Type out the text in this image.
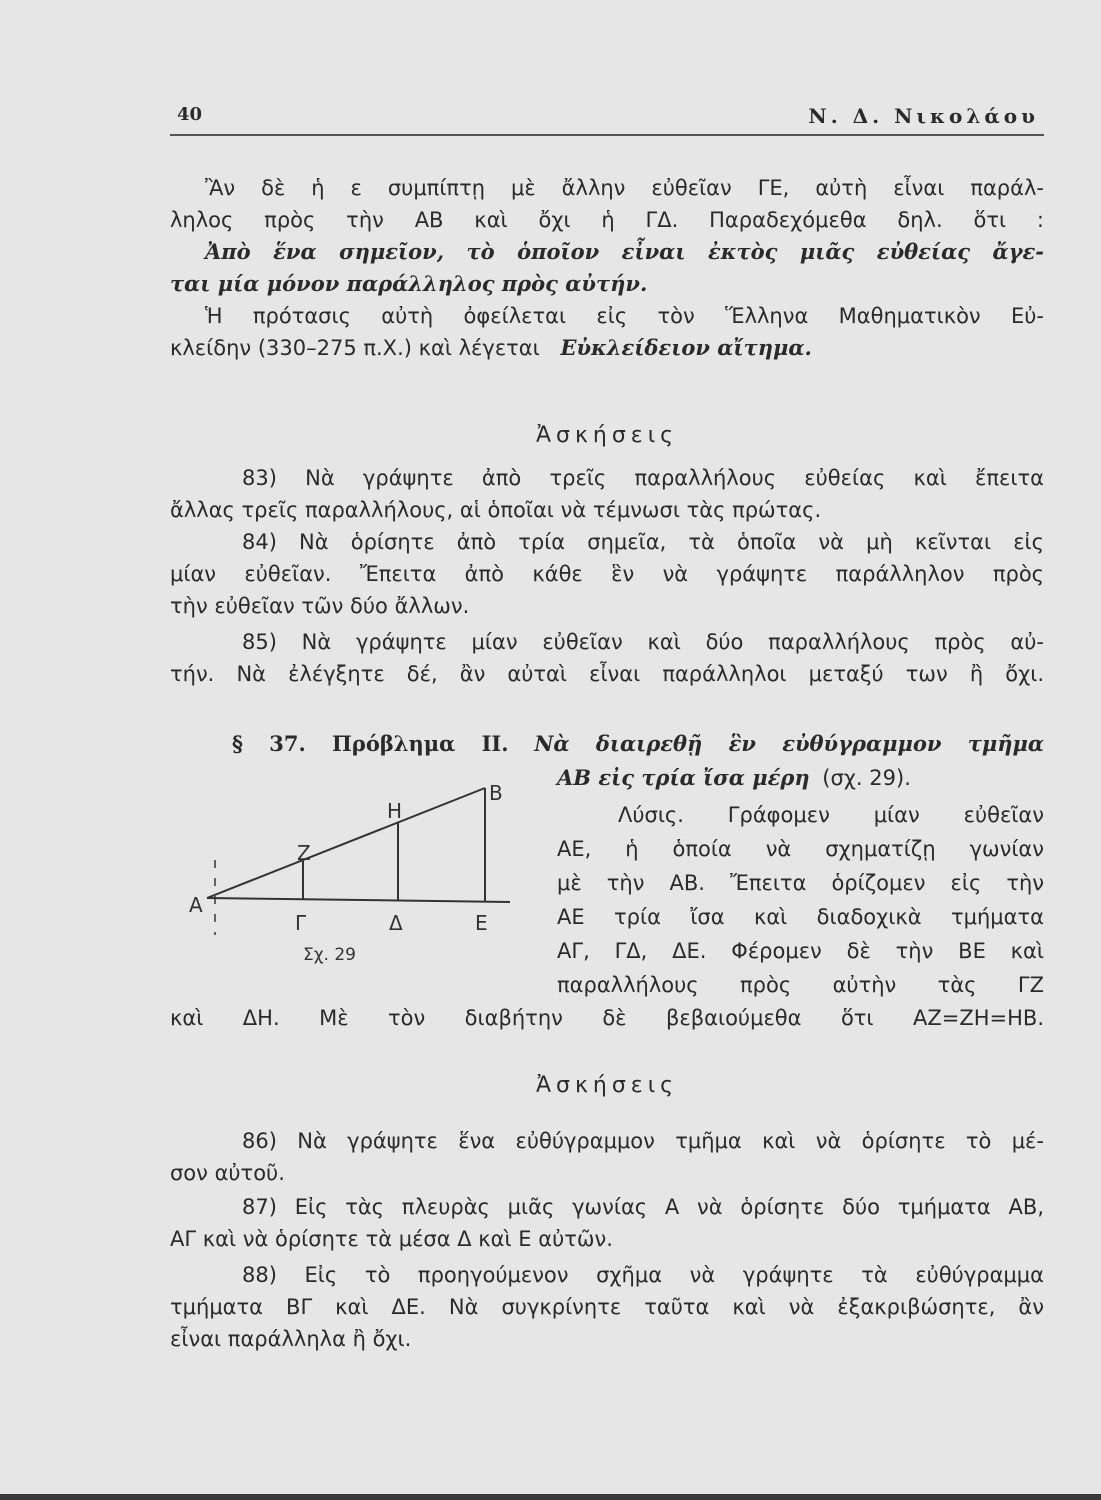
40	Ν. Δ. Νικολάου
Ἂν δὲ ἡ ε συμπίπτῃ μὲ ἄλλην εὐθεῖαν ΓΕ, αὐτὴ εἶναι παράλ-
ληλος πρὸς τὴν ΑΒ καὶ ὄχι ἡ ΓΔ. Παραδεχόμεθα δηλ. ὅτι :
Ἀπὸ ἕνα σημεῖον, τὸ ὁποῖον εἶναι ἐκτὸς μιᾶς εὐθείας ἄγε-
ται μία μόνον παράλληλος πρὸς αὐτήν.
Ἡ πρότασις αὐτὴ ὀφείλεται εἰς τὸν Ἕλληνα Μαθηματικὸν Εὐ-
κλείδην (330–275 π.Χ.) καὶ λέγεται Εὐκλείδειον αἴτημα.
Ἀσκήσεις
83) Νὰ γράψητε ἀπὸ τρεῖς παραλλήλους εὐθείας καὶ ἔπειτα
ἄλλας τρεῖς παραλλήλους, αἱ ὁποῖαι νὰ τέμνωσι τὰς πρώτας.
84) Νὰ ὁρίσητε ἀπὸ τρία σημεῖα, τὰ ὁποῖα νὰ μὴ κεῖνται εἰς
μίαν εὐθεῖαν. Ἔπειτα ἀπὸ κάθε ἓν νὰ γράψητε παράλληλον πρὸς
τὴν εὐθεῖαν τῶν δύο ἄλλων.
85) Νὰ γράψητε μίαν εὐθεῖαν καὶ δύο παραλλήλους πρὸς αὐ-
τήν. Νὰ ἐλέγξητε δέ, ἂν αὐταὶ εἶναι παράλληλοι μεταξύ των ἢ ὄχι.
§ 37. Πρόβλημα ΙΙ. Νὰ διαιρεθῇ ἓν εὐθύγραμμον τμῆμα
ΑΒ εἰς τρία ἴσα μέρη (σχ. 29).
Λύσις. Γράφομεν μίαν εὐθεῖαν
ΑΕ, ἡ ὁποία νὰ σχηματίζῃ γωνίαν
μὲ τὴν ΑΒ. Ἔπειτα ὁρίζομεν εἰς τὴν
ΑΕ τρία ἴσα καὶ διαδοχικὰ τμήματα
ΑΓ, ΓΔ, ΔΕ. Φέρομεν δὲ τὴν ΒΕ καὶ
παραλλήλους πρὸς αὐτὴν τὰς ΓΖ
καὶ ΔΗ. Μὲ τὸν διαβήτην δὲ βεβαιούμεθα ὅτι ΑΖ=ΖΗ=ΗΒ.
Α
Γ	Δ	Ε
Ζ
Η
Β
Σχ. 29
Ἀσκήσεις
86) Νὰ γράψητε ἕνα εὐθύγραμμον τμῆμα καὶ νὰ ὁρίσητε τὸ μέ-
σον αὐτοῦ.
87) Εἰς τὰς πλευρὰς μιᾶς γωνίας Α νὰ ὁρίσητε δύο τμήματα ΑΒ,
ΑΓ καὶ νὰ ὁρίσητε τὰ μέσα Δ καὶ Ε αὐτῶν.
88) Εἰς τὸ προηγούμενον σχῆμα νὰ γράψητε τὰ εὐθύγραμμα
τμήματα ΒΓ καὶ ΔΕ. Νὰ συγκρίνητε ταῦτα καὶ νὰ ἐξακριβώσητε, ἂν
εἶναι παράλληλα ἢ ὄχι.
